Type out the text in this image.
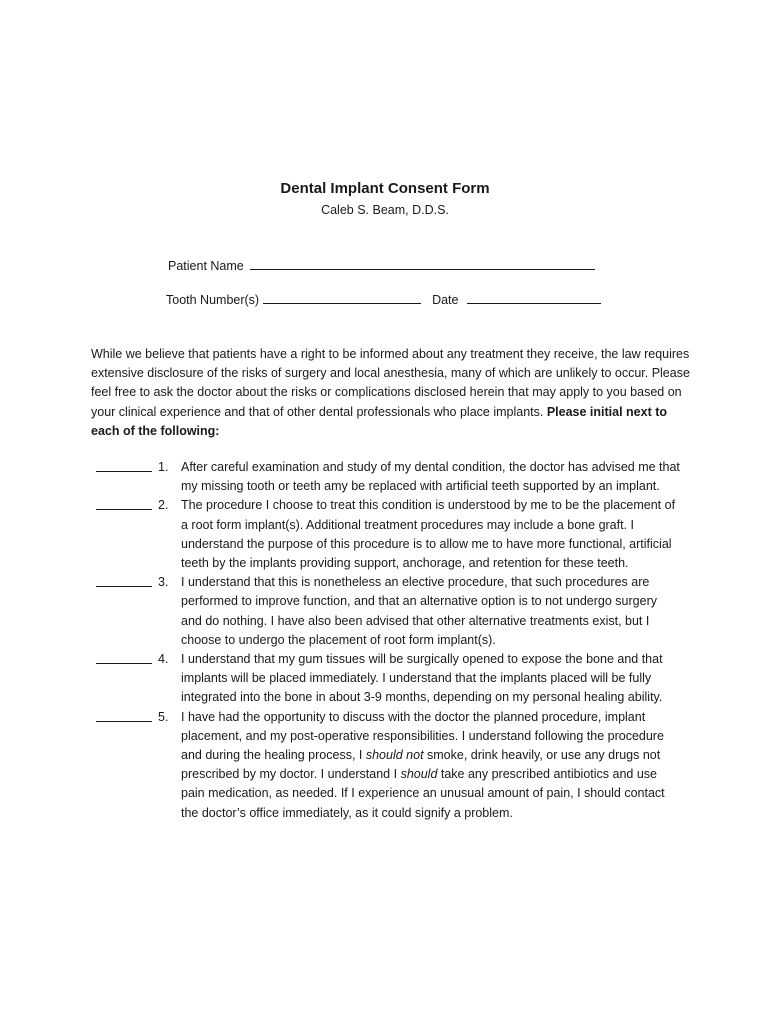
Dental Implant Consent Form
Caleb S. Beam, D.D.S.
Patient Name
Tooth Number(s)	Date

While we believe that patients have a right to be informed about any treatment they receive, the law requires extensive disclosure of the risks of surgery and local anesthesia, many of which are unlikely to occur. Please feel free to ask the doctor about the risks or complications disclosed herein that may apply to you based on your clinical experience and that of other dental professionals who place implants. Please initial next to each of the following:

1. After careful examination and study of my dental condition, the doctor has advised me that my missing tooth or teeth amy be replaced with artificial teeth supported by an implant.
2. The procedure I choose to treat this condition is understood by me to be the placement of a root form implant(s). Additional treatment procedures may include a bone graft. I understand the purpose of this procedure is to allow me to have more functional, artificial teeth by the implants providing support, anchorage, and retention for these teeth.
3. I understand that this is nonetheless an elective procedure, that such procedures are performed to improve function, and that an alternative option is to not undergo surgery and do nothing. I have also been advised that other alternative treatments exist, but I choose to undergo the placement of root form implant(s).
4. I understand that my gum tissues will be surgically opened to expose the bone and that implants will be placed immediately. I understand that the implants placed will be fully integrated into the bone in about 3-9 months, depending on my personal healing ability.
5. I have had the opportunity to discuss with the doctor the planned procedure, implant placement, and my post-operative responsibilities. I understand following the procedure and during the healing process, I should not smoke, drink heavily, or use any drugs not prescribed by my doctor. I understand I should take any prescribed antibiotics and use pain medication, as needed. If I experience an unusual amount of pain, I should contact the doctor’s office immediately, as it could signify a problem.
